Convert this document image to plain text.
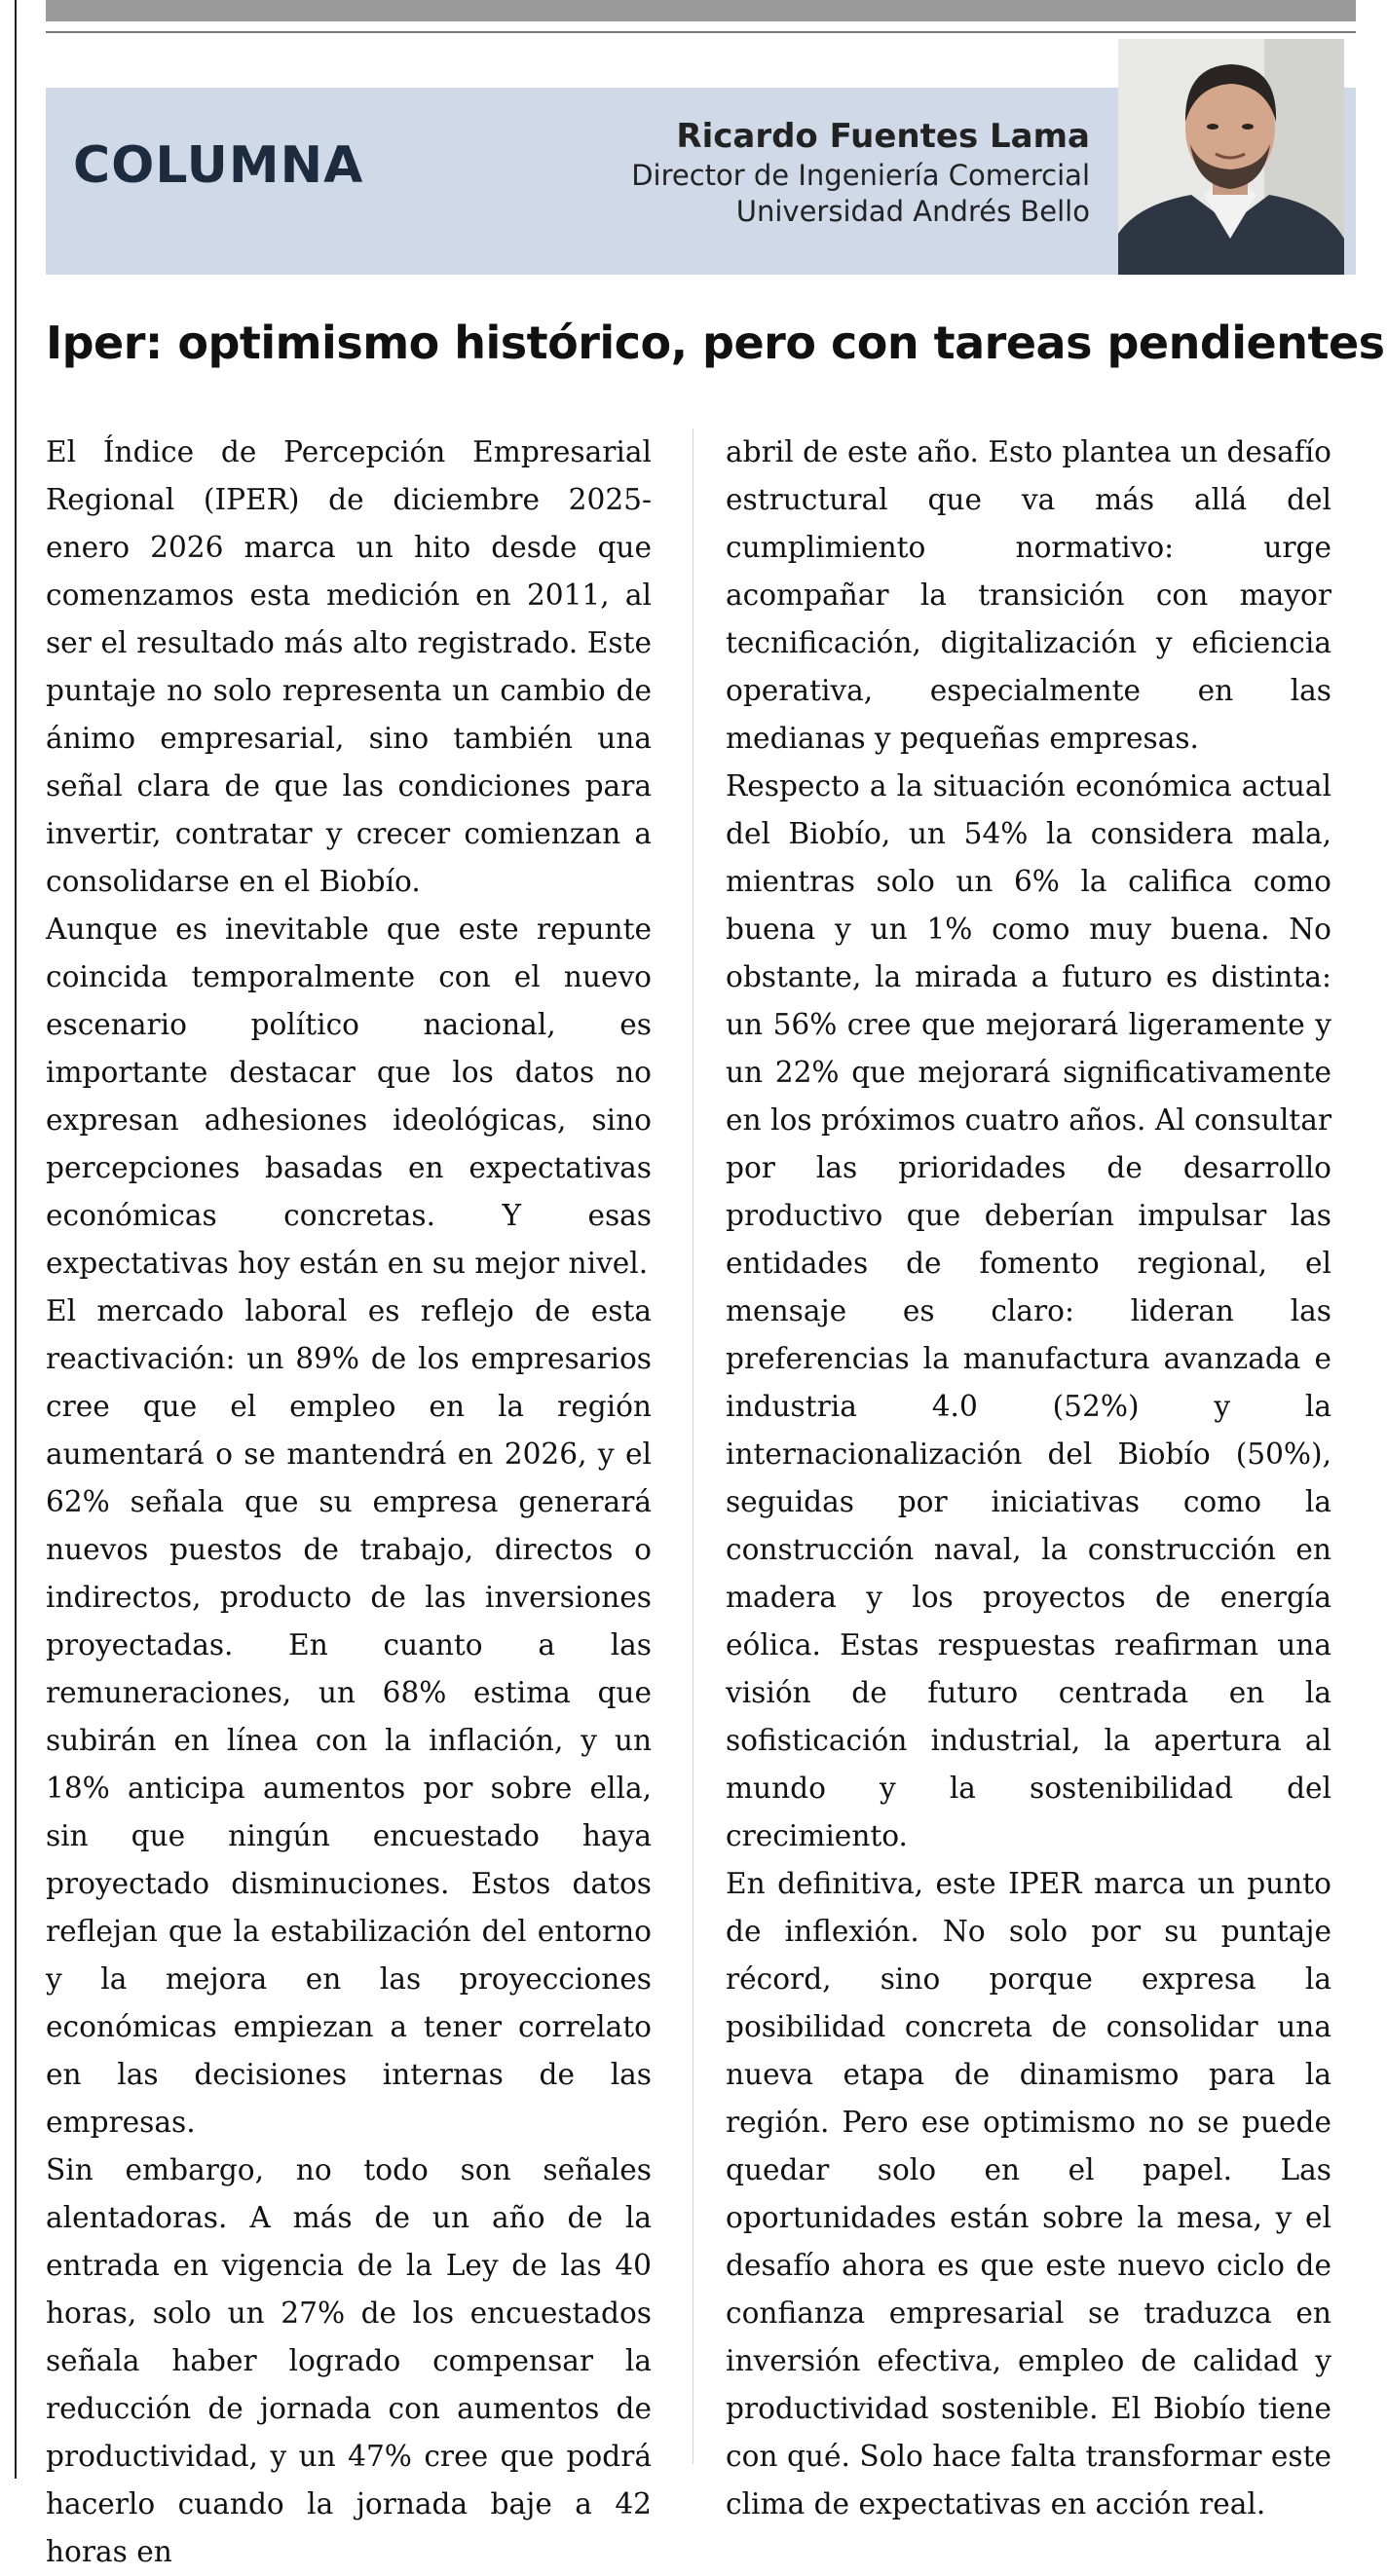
COLUMNA	Ricardo Fuentes Lama
Director de Ingeniería Comercial
Universidad Andrés Bello
Iper: optimismo histórico, pero con tareas pendientes

El Índice de Percepción Empresarial Regional (IPER) de diciembre 2025-enero 2026 marca un hito desde que comenzamos esta medición en 2011, al ser el resultado más alto registrado. Este puntaje no solo representa un cambio de ánimo empresarial, sino también una señal clara de que las condiciones para invertir, contratar y crecer comienzan a consolidarse en el Biobío.

Aunque es inevitable que este repunte coincida temporalmente con el nuevo escenario político nacional, es importante destacar que los datos no expresan adhesiones ideológicas, sino percepciones basadas en expectativas económicas concretas. Y esas expectativas hoy están en su mejor nivel.

El mercado laboral es reflejo de esta reactivación: un 89% de los empresarios cree que el empleo en la región aumentará o se mantendrá en 2026, y el 62% señala que su empresa generará nuevos puestos de trabajo, directos o indirectos, producto de las inversiones proyectadas. En cuanto a las remuneraciones, un 68% estima que subirán en línea con la inflación, y un 18% anticipa aumentos por sobre ella, sin que ningún encuestado haya proyectado disminuciones. Estos datos reflejan que la estabilización del entorno y la mejora en las proyecciones económicas empiezan a tener correlato en las decisiones internas de las empresas.

Sin embargo, no todo son señales alentadoras. A más de un año de la entrada en vigencia de la Ley de las 40 horas, solo un 27% de los encuestados señala haber logrado compensar la reducción de jornada con aumentos de productividad, y un 47% cree que podrá hacerlo cuando la jornada baje a 42 horas en

abril de este año. Esto plantea un desafío estructural que va más allá del cumplimiento normativo: urge acompañar la transición con mayor tecnificación, digitalización y eficiencia operativa, especialmente en las medianas y pequeñas empresas.

Respecto a la situación económica actual del Biobío, un 54% la considera mala, mientras solo un 6% la califica como buena y un 1% como muy buena. No obstante, la mirada a futuro es distinta: un 56% cree que mejorará ligeramente y un 22% que mejorará significativamente en los próximos cuatro años. Al consultar por las prioridades de desarrollo productivo que deberían impulsar las entidades de fomento regional, el mensaje es claro: lideran las preferencias la manufactura avanzada e industria 4.0 (52%) y la internacionalización del Biobío (50%), seguidas por iniciativas como la construcción naval, la construcción en madera y los proyectos de energía eólica. Estas respuestas reafirman una visión de futuro centrada en la sofisticación industrial, la apertura al mundo y la sostenibilidad del crecimiento.

En definitiva, este IPER marca un punto de inflexión. No solo por su puntaje récord, sino porque expresa la posibilidad concreta de consolidar una nueva etapa de dinamismo para la región. Pero ese optimismo no se puede quedar solo en el papel. Las oportunidades están sobre la mesa, y el desafío ahora es que este nuevo ciclo de confianza empresarial se traduzca en inversión efectiva, empleo de calidad y productividad sostenible. El Biobío tiene con qué. Solo hace falta transformar este clima de expectativas en acción real.
